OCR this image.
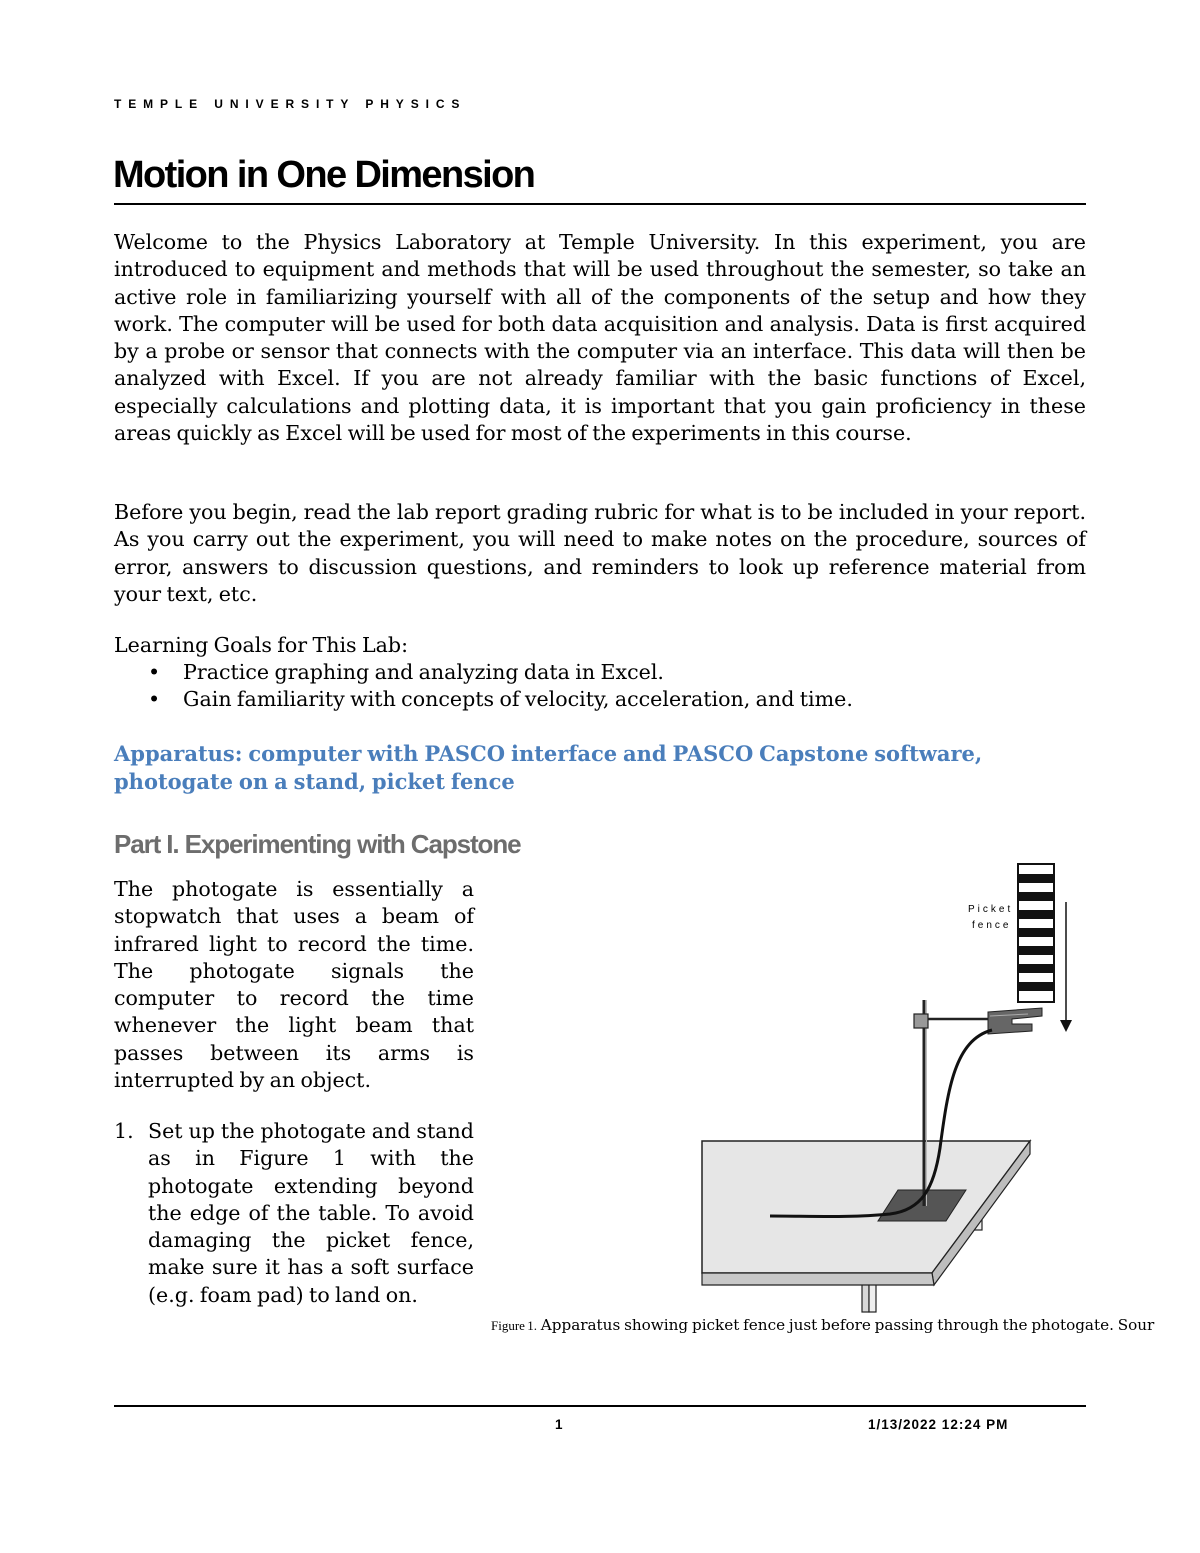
TEMPLE UNIVERSITY PHYSICS
Motion in One Dimension

Welcome to the Physics Laboratory at Temple University. In this experiment, you are introduced to equipment and methods that will be used throughout the semester, so take an active role in familiarizing yourself with all of the components of the setup and how they work. The computer will be used for both data acquisition and analysis. Data is first acquired by a probe or sensor that connects with the computer via an interface. This data will then be analyzed with Excel. If you are not already familiar with the basic functions of Excel, especially calculations and plotting data, it is important that you gain proficiency in these areas quickly as Excel will be used for most of the experiments in this course.

Before you begin, read the lab report grading rubric for what is to be included in your report. As you carry out the experiment, you will need to make notes on the procedure, sources of error, answers to discussion questions, and reminders to look up reference material from your text, etc.

Learning Goals for This Lab:

• Practice graphing and analyzing data in Excel.
• Gain familiarity with concepts of velocity, acceleration, and time.

Apparatus: computer with PASCO interface and PASCO Capstone software, photogate on a stand, picket fence

Part I. Experimenting with Capstone

The photogate is essentially a stopwatch that uses a beam of infrared light to record the time. The photogate signals the computer to record the time whenever the light beam that passes between its arms is interrupted by an object.

1. Set up the photogate and stand as in Figure 1 with the photogate extending beyond the edge of the table. To avoid damaging the picket fence, make sure it has a soft surface (e.g. foam pad) to land on.
Picket
fence

Figure 1. Apparatus showing picket fence just before passing through the photogate. Sour

1	1/13/2022 12:24 PM
